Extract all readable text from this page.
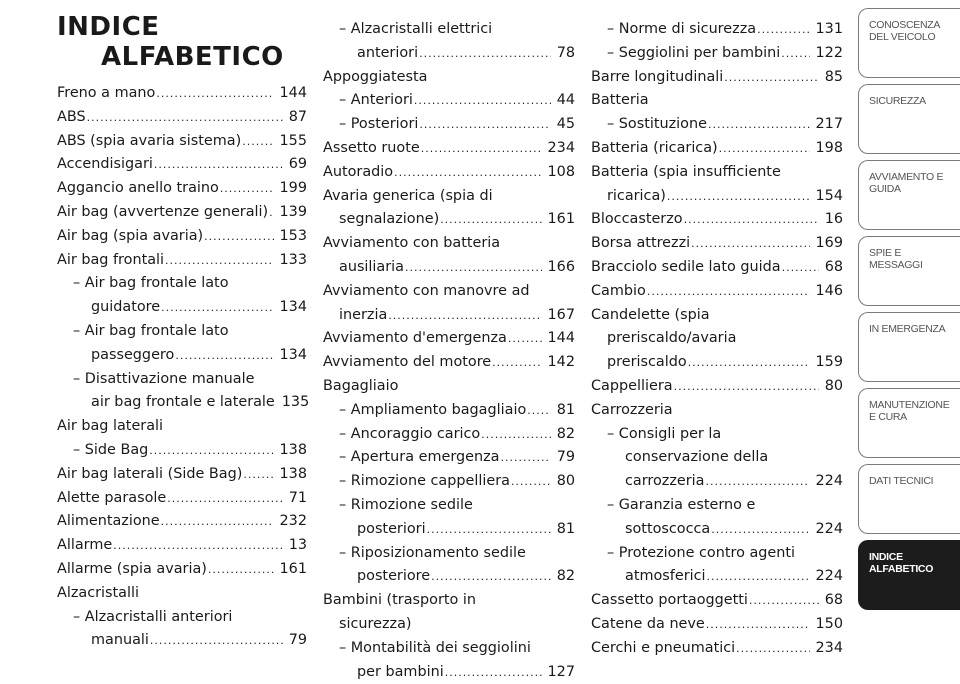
INDICE
ALFABETICO
Freno a mano .....	144
ABS .....	87
ABS (spia avaria sistema) .....	155
Accendisigari .....	69
Aggancio anello traino .....	199
Air bag (avvertenze generali) ..... 139
Air bag (spia avaria) .....	153
Air bag frontali .....	133
– Air bag frontale lato
guidatore .....	134
– Air bag frontale lato
passeggero .....	134
– Disattivazione manuale
air bag frontale e laterale 135
Air bag laterali
– Side Bag .....	138
Air bag laterali (Side Bag) .....	138
Alette parasole .....	71
Alimentazione .....	232
Allarme .....	13
Allarme (spia avaria) .....	161
Alzacristalli
– Alzacristalli anteriori
manuali .....	79
– Alzacristalli elettrici
anteriori .....	78
Appoggiatesta
– Anteriori .....	44
– Posteriori .....	45
Assetto ruote .....	234
Autoradio .....	108
Avaria generica (spia di
segnalazione) .....	161
Avviamento con batteria
ausiliaria .....	166
Avviamento con manovre ad
inerzia .....	167
Avviamento d'emergenza .....	144
Avviamento del motore .....	142
Bagagliaio
– Ampliamento bagagliaio ..... 81
– Ancoraggio carico .....	82
– Apertura emergenza .....	79
– Rimozione cappelliera .....	80
– Rimozione sedile
posteriori .....	81
– Riposizionamento sedile
posteriore .....	82
Bambini (trasporto in
sicurezza)
– Montabilità dei seggiolini
per bambini .....	127
– Norme di sicurezza .....	131
– Seggiolini per bambini ..... 122
Barre longitudinali .....	85
Batteria
– Sostituzione .....	217
Batteria (ricarica) .....	198
Batteria (spia insufficiente
ricarica) .....	154
Bloccasterzo .....	16
Borsa attrezzi .....	169
Bracciolo sedile lato guida .....	68
Cambio .....	146
Candelette (spia
preriscaldo/avaria
preriscaldo .....	159
Cappelliera .....	80
Carrozzeria
– Consigli per la
conservazione della
carrozzeria .....	224
– Garanzia esterno e
sottoscocca .....	224
– Protezione contro agenti
atmosferici .....	224
Cassetto portaoggetti .....	68
Catene da neve .....	150
Cerchi e pneumatici .....	234
CONOSCENZA DEL VEICOLO
SICUREZZA
AVVIAMENTO E GUIDA
SPIE E MESSAGGI
IN EMERGENZA
MANUTENZIONE E CURA
DATI TECNICI
INDICE ALFABETICO
